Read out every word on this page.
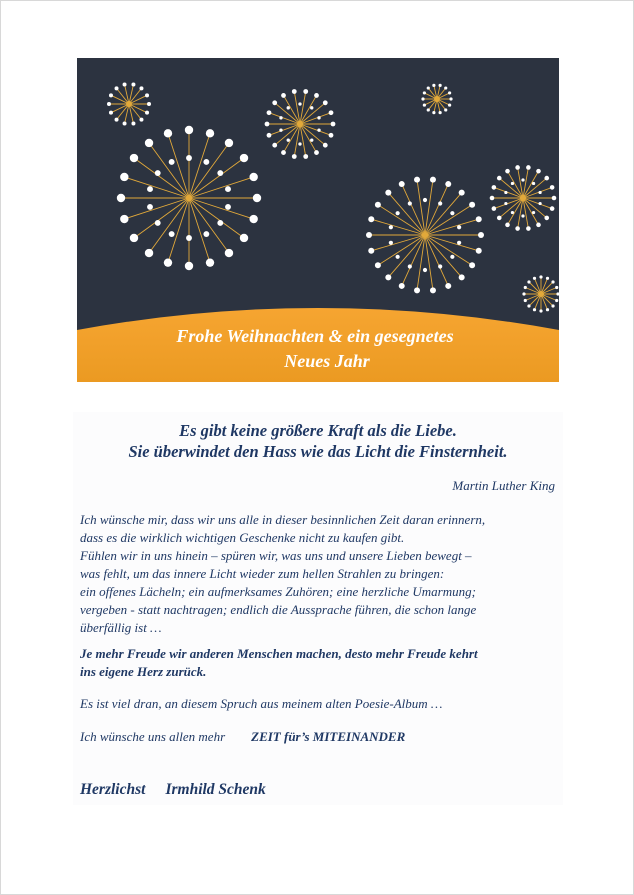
Frohe Weihnachten & ein gesegnetes
Neues Jahr
Es gibt keine größere Kraft als die Liebe.
Sie überwindet den Hass wie das Licht die Finsternheit.
Martin Luther King
Ich wünsche mir, dass wir uns alle in dieser besinnlichen Zeit daran erinnern,
dass es die wirklich wichtigen Geschenke nicht zu kaufen gibt.
Fühlen wir in uns hinein – spüren wir, was uns und unsere Lieben bewegt –
was fehlt, um das innere Licht wieder zum hellen Strahlen zu bringen:
ein offenes Lächeln; ein aufmerksames Zuhören; eine herzliche Umarmung;
vergeben - statt nachtragen; endlich die Aussprache führen, die schon lange
überfällig ist …
Je mehr Freude wir anderen Menschen machen, desto mehr Freude kehrt
ins eigene Herz zurück.
Es ist viel dran, an diesem Spruch aus meinem alten Poesie-Album …
Ich wünsche uns allen mehr ZEIT für’s MITEINANDER
Herzlichst Irmhild Schenk
